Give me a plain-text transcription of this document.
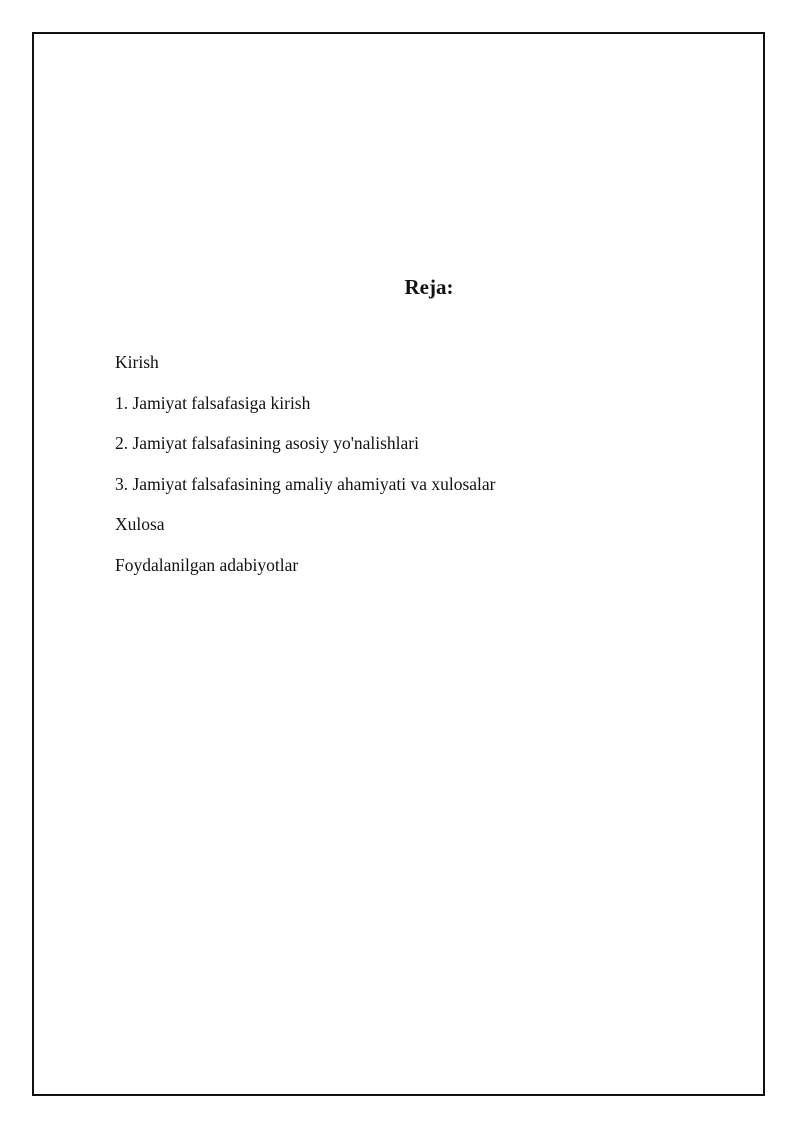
Reja:
Kirish
1. Jamiyat falsafasiga kirish
2. Jamiyat falsafasining asosiy yo'nalishlari
3. Jamiyat falsafasining amaliy ahamiyati va xulosalar
Xulosa
Foydalanilgan adabiyotlar
